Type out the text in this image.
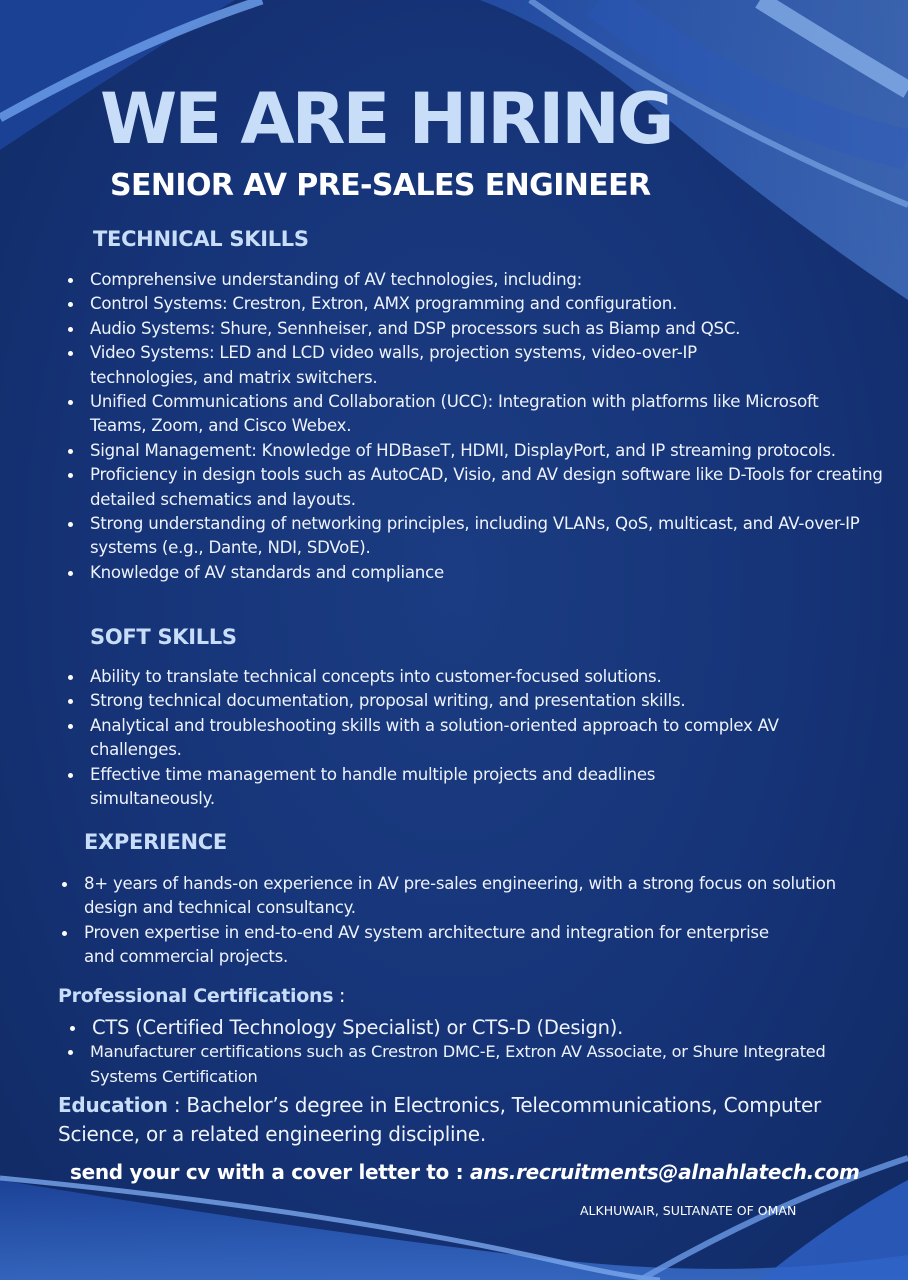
WE ARE HIRING
SENIOR AV PRE-SALES ENGINEER
TECHNICAL SKILLS
Comprehensive understanding of AV technologies, including:
Control Systems: Crestron, Extron, AMX programming and configuration.
Audio Systems: Shure, Sennheiser, and DSP processors such as Biamp and QSC.
Video Systems: LED and LCD video walls, projection systems, video-over-IP technologies, and matrix switchers.
Unified Communications and Collaboration (UCC): Integration with platforms like Microsoft Teams, Zoom, and Cisco Webex.
Signal Management: Knowledge of HDBaseT, HDMI, DisplayPort, and IP streaming protocols.
Proficiency in design tools such as AutoCAD, Visio, and AV design software like D-Tools for creating detailed schematics and layouts.
Strong understanding of networking principles, including VLANs, QoS, multicast, and AV-over-IP systems (e.g., Dante, NDI, SDVoE).
Knowledge of AV standards and compliance
SOFT SKILLS
Ability to translate technical concepts into customer-focused solutions.
Strong technical documentation, proposal writing, and presentation skills.
Analytical and troubleshooting skills with a solution-oriented approach to complex AV challenges.
Effective time management to handle multiple projects and deadlines simultaneously.
EXPERIENCE
8+ years of hands-on experience in AV pre-sales engineering, with a strong focus on solution design and technical consultancy.
Proven expertise in end-to-end AV system architecture and integration for enterprise and commercial projects.

Professional Certifications :

CTS (Certified Technology Specialist) or CTS-D (Design).
Manufacturer certifications such as Crestron DMC-E, Extron AV Associate, or Shure Integrated Systems Certification

Education : Bachelor’s degree in Electronics, Telecommunications, Computer Science, or a related engineering discipline.

send your cv with a cover letter to : ans.recruitments@alnahlatech.com

ALKHUWAIR, SULTANATE OF OMAN
